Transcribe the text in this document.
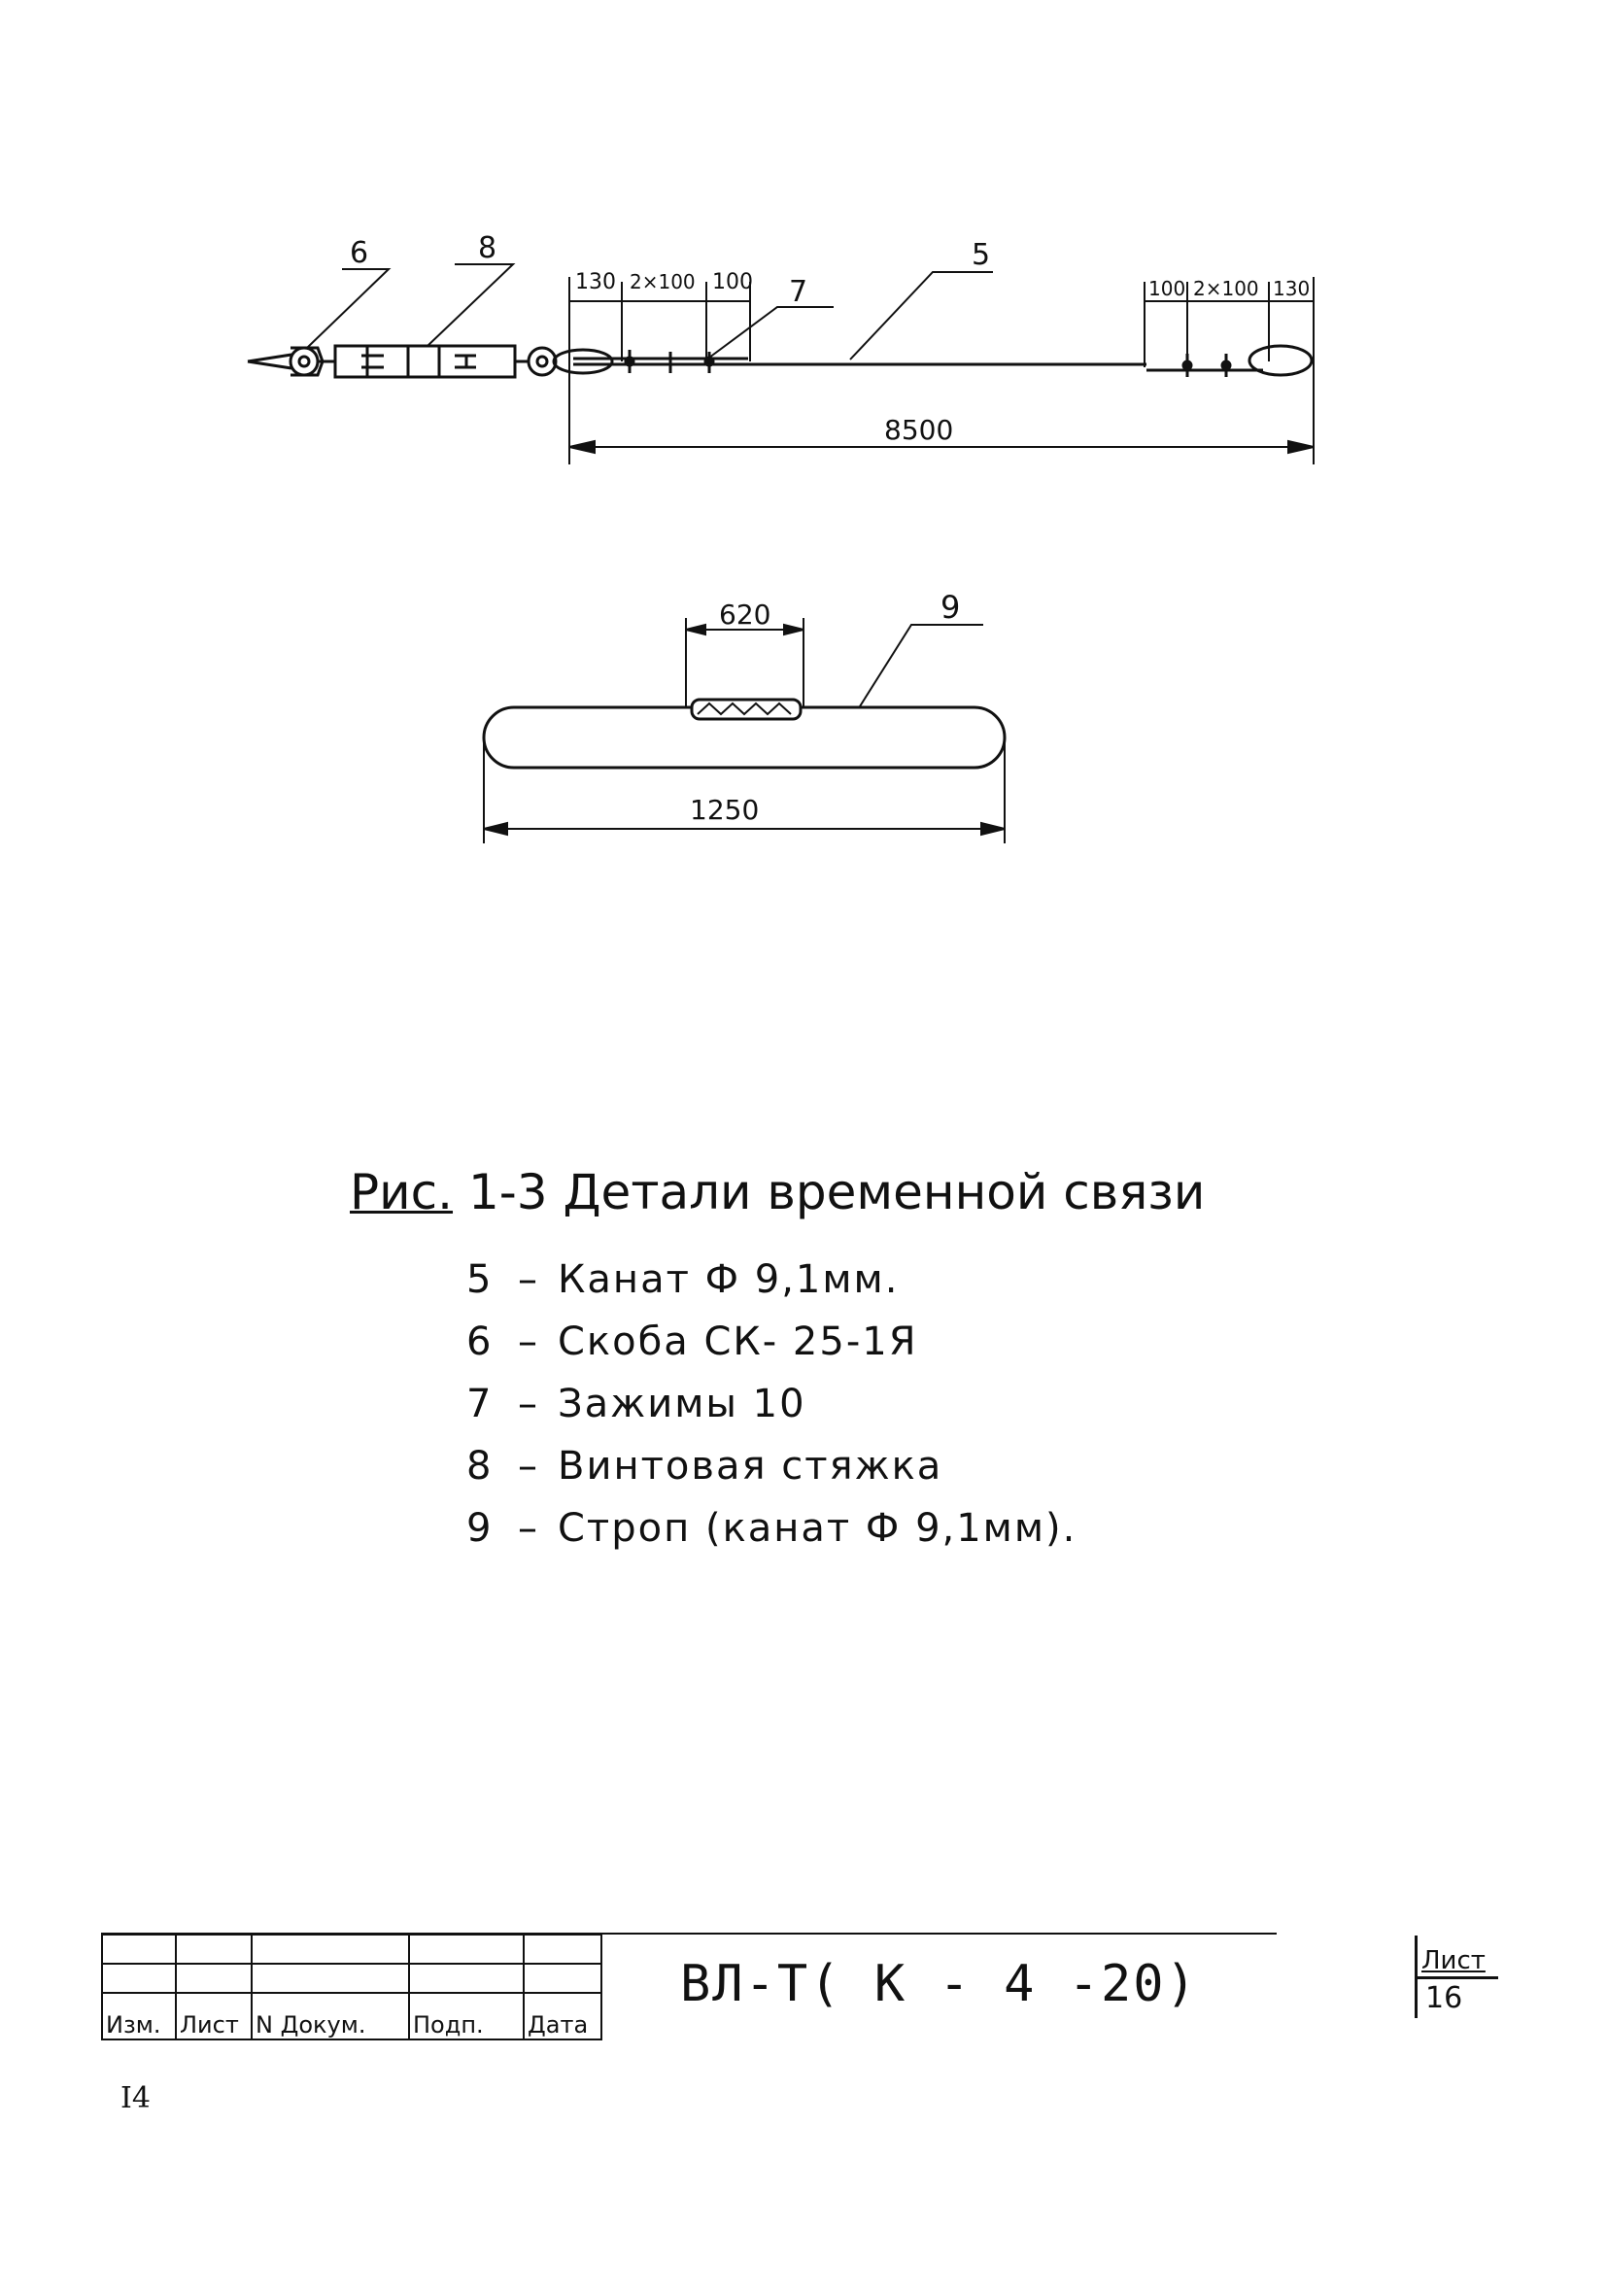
6	8
7
5
130 2×100 100	100 2×100 130
8500
9
620
1250
Рис. 1-3 Детали временной связи
5 – Канат Ф 9,1мм.
6 – Скоба СК- 25-1Я
7 – Зажимы 10
8 – Винтовая стяжка
9 – Строп (канат Ф 9,1мм).

Изм.	Лист	N Докум.	Подп.	Дата
ВЛ-Т( К - 4 -20)	Лист
16
I4
